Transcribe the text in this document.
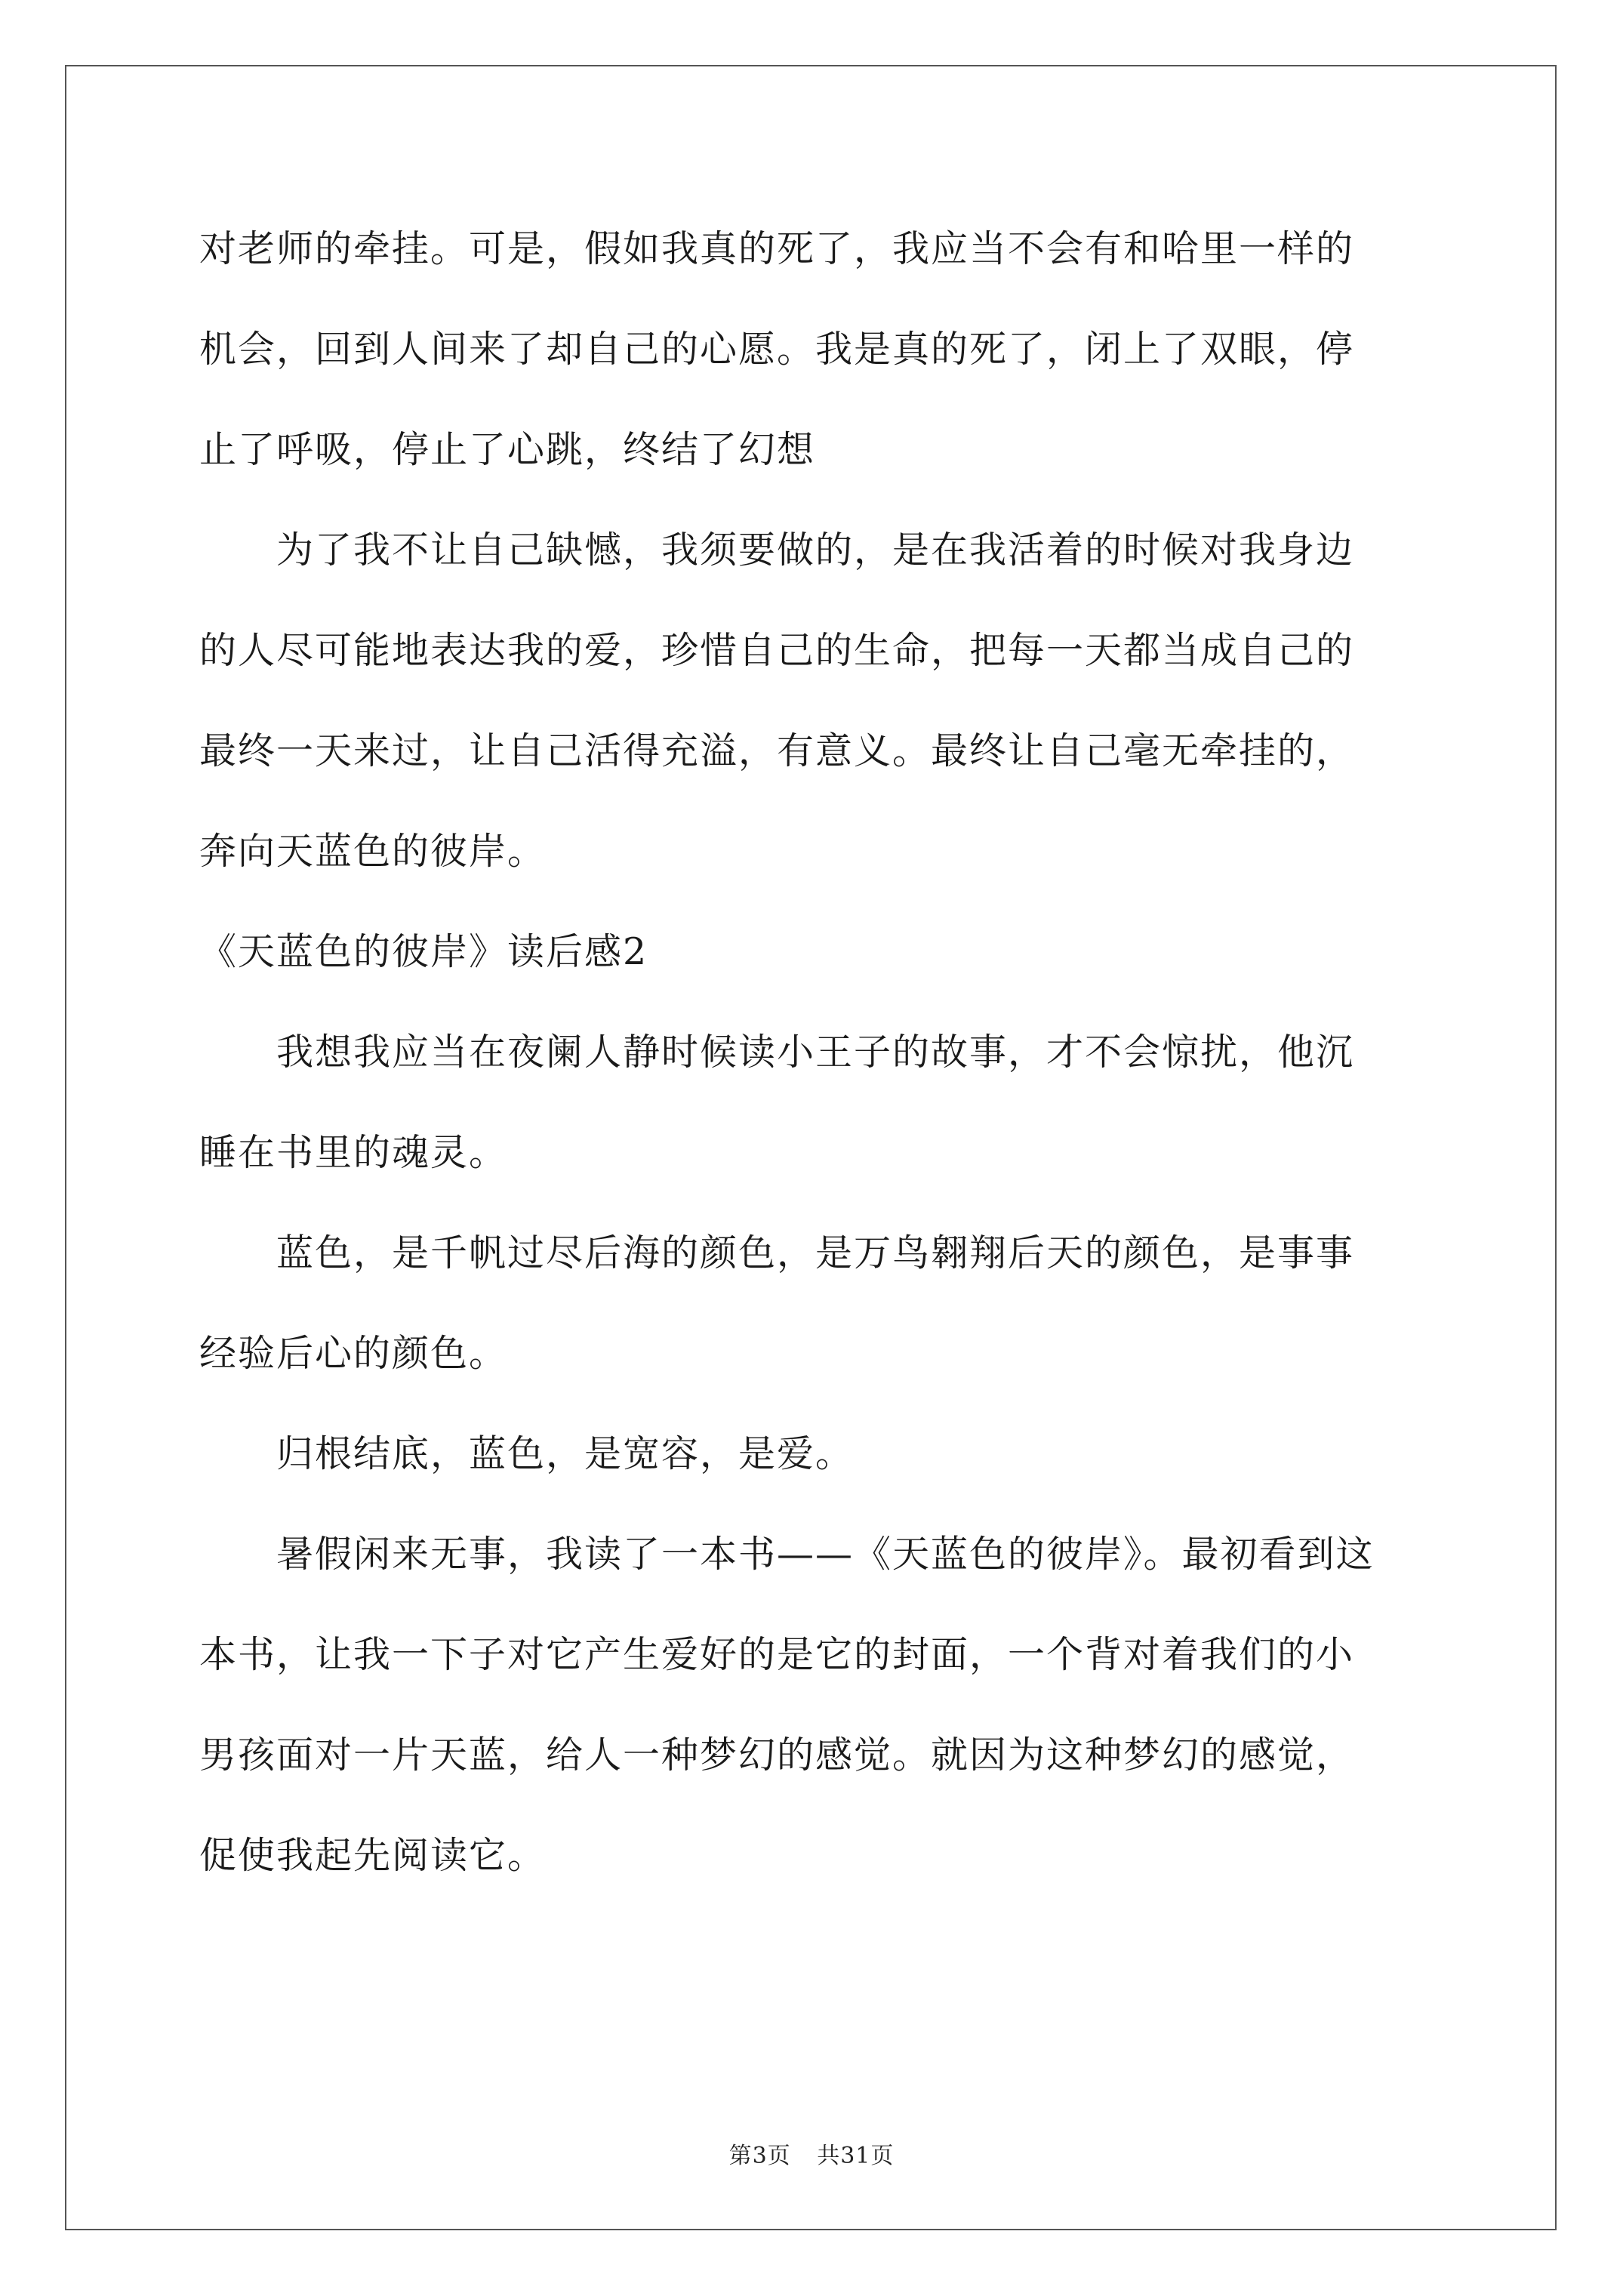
对老师的牵挂。可是，假如我真的死了，我应当不会有和哈里一样的
机会，回到人间来了却自己的心愿。我是真的死了，闭上了双眼，停
止了呼吸，停止了心跳，终结了幻想
　　为了我不让自己缺憾，我须要做的，是在我活着的时候对我身边
的人尽可能地表达我的爱，珍惜自己的生命，把每一天都当成自己的
最终一天来过，让自己活得充溢，有意义。最终让自己毫无牵挂的，
奔向天蓝色的彼岸。
《天蓝色的彼岸》读后感2
　　我想我应当在夜阑人静时候读小王子的故事，才不会惊扰，他沉
睡在书里的魂灵。
　　蓝色，是千帆过尽后海的颜色，是万鸟翱翔后天的颜色，是事事
经验后心的颜色。
　　归根结底，蓝色，是宽容，是爱。
　　暑假闲来无事，我读了一本书——《天蓝色的彼岸》。最初看到这
本书，让我一下子对它产生爱好的是它的封面，一个背对着我们的小
男孩面对一片天蓝，给人一种梦幻的感觉。就因为这种梦幻的感觉，
促使我起先阅读它。
第3页 共31页
